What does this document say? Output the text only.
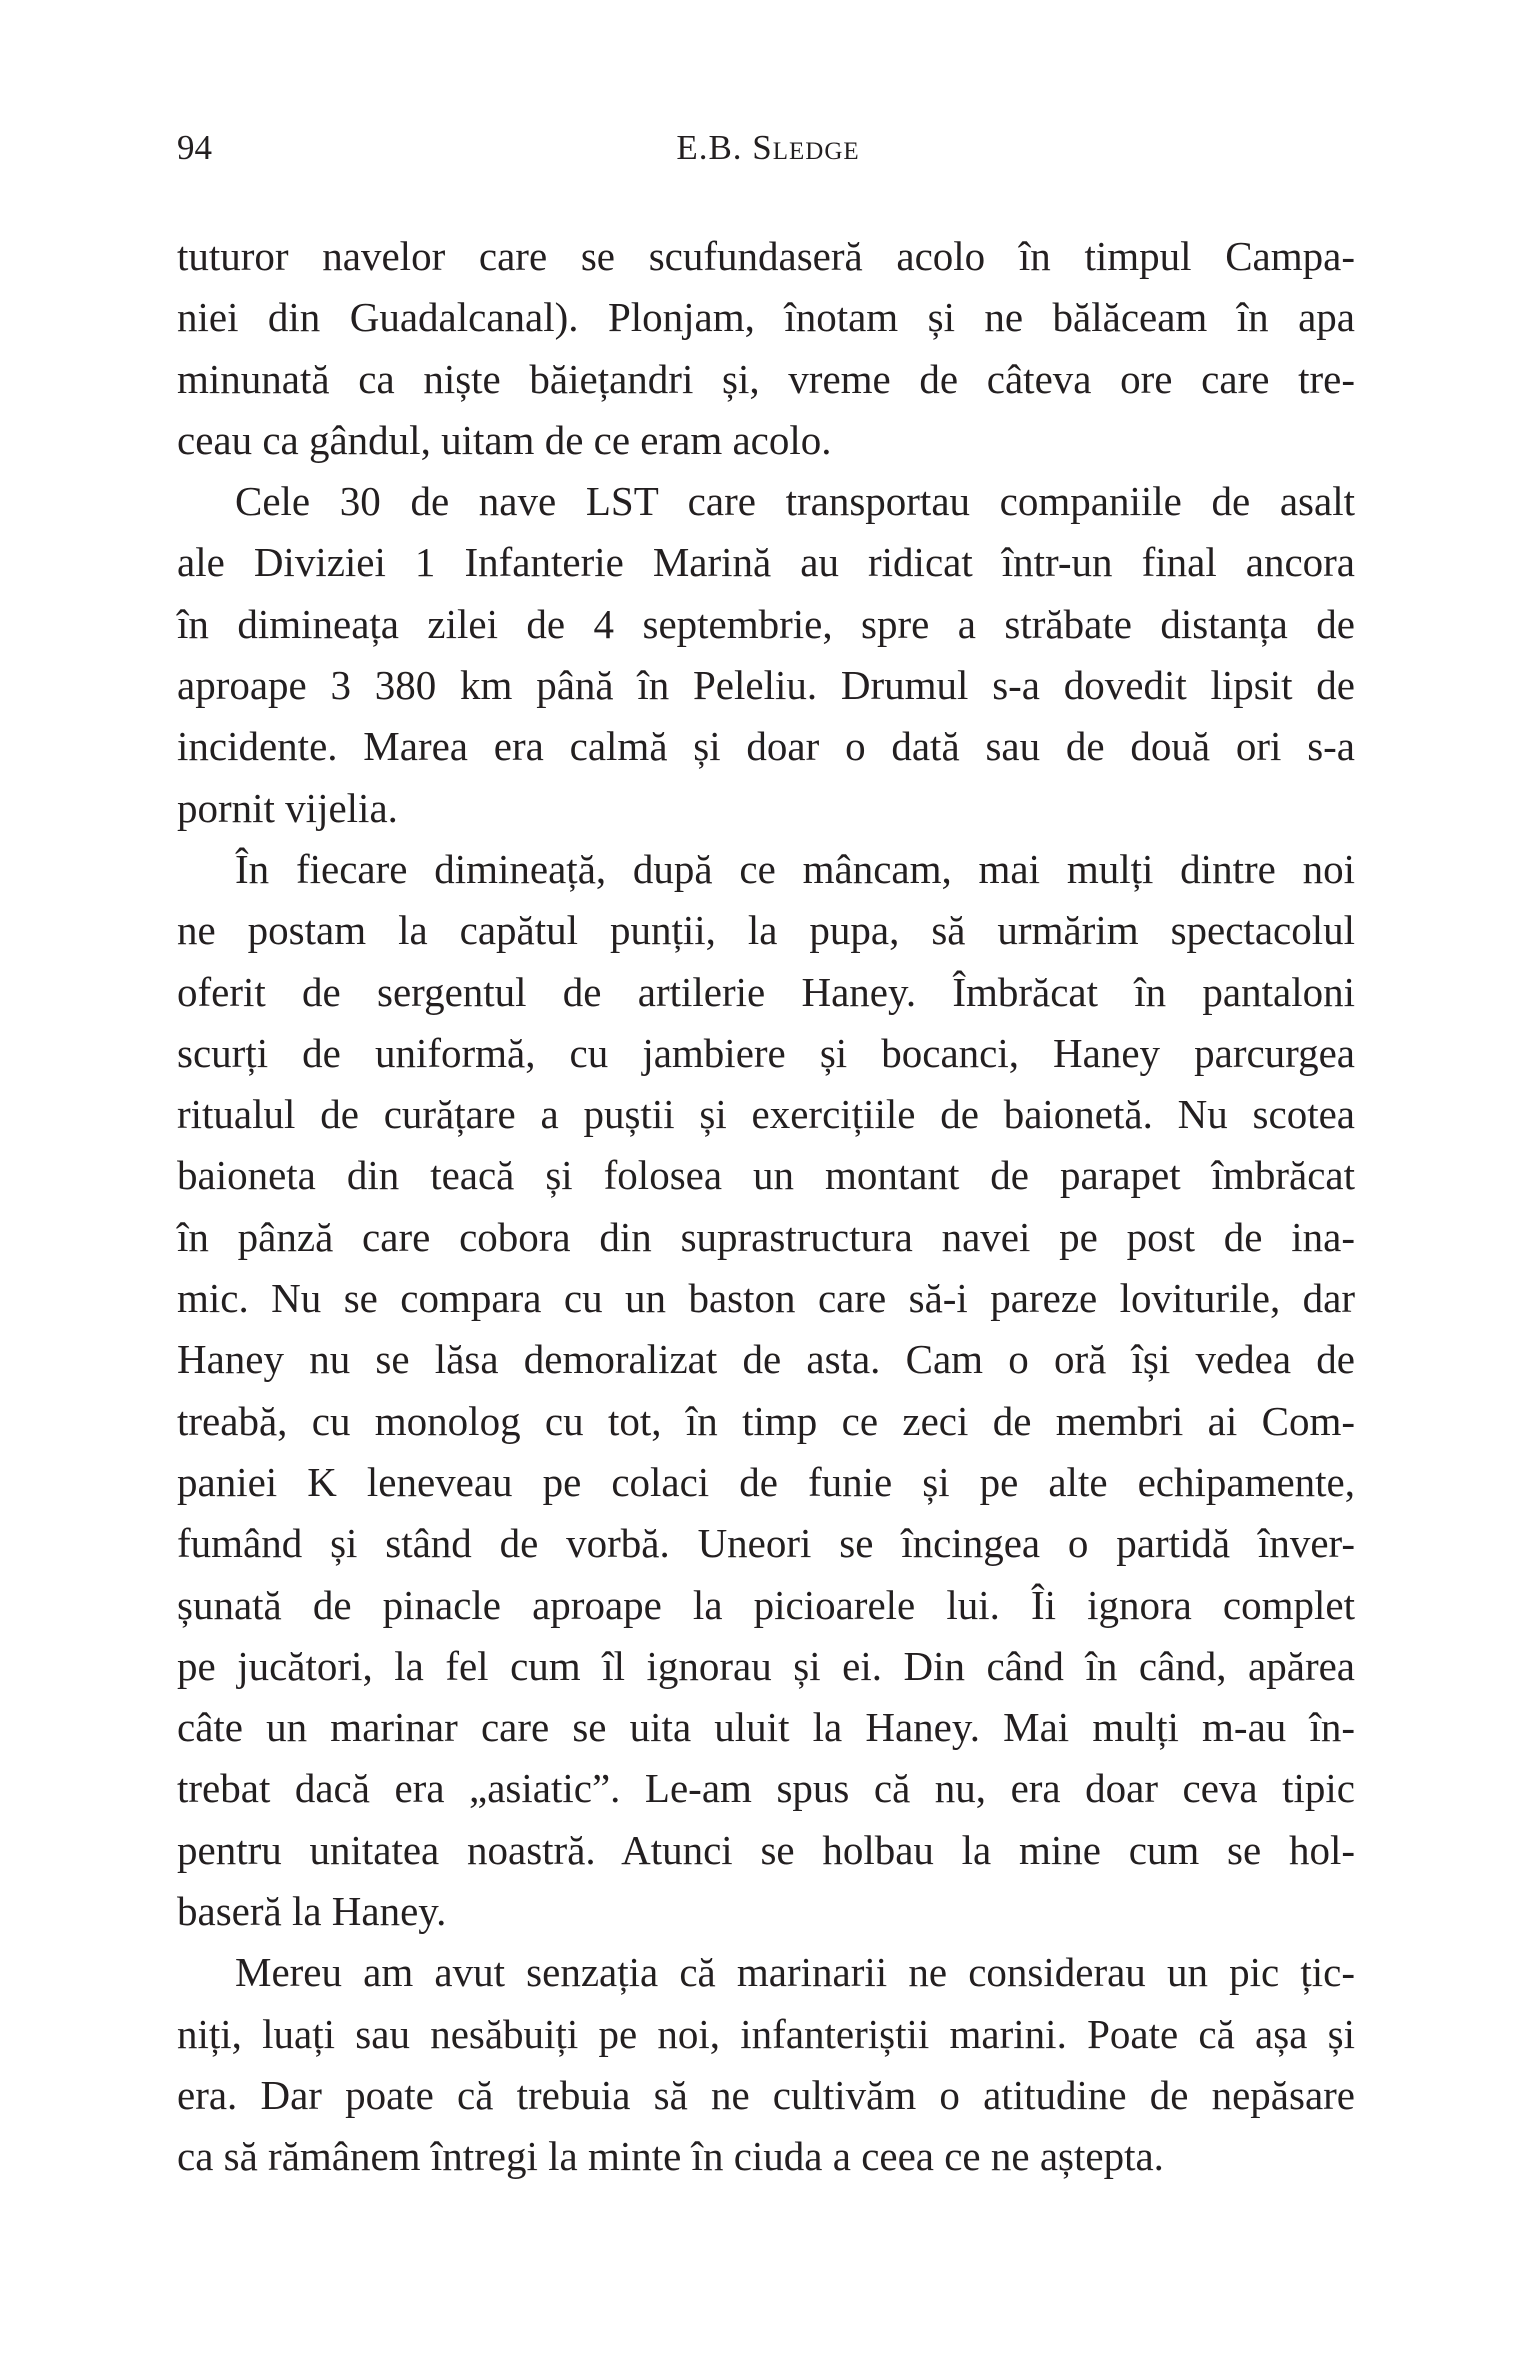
94	E.B. Sledge
tuturor navelor care se scufundaseră acolo în timpul Campa-
niei din Guadalcanal). Plonjam, înotam și ne bălăceam în apa
minunată ca niște băiețandri și, vreme de câteva ore care tre-
ceau ca gândul, uitam de ce eram acolo.
Cele 30 de nave LST care transportau companiile de asalt
ale Diviziei 1 Infanterie Marină au ridicat într-un final ancora
în dimineața zilei de 4 septembrie, spre a străbate distanța de
aproape 3 380 km până în Peleliu. Drumul s-a dovedit lipsit de
incidente. Marea era calmă și doar o dată sau de două ori s-a
pornit vijelia.
În fiecare dimineață, după ce mâncam, mai mulți dintre noi
ne postam la capătul punții, la pupa, să urmărim spectacolul
oferit de sergentul de artilerie Haney. Îmbrăcat în pantaloni
scurți de uniformă, cu jambiere și bocanci, Haney parcurgea
ritualul de curățare a puștii și exercițiile de baionetă. Nu scotea
baioneta din teacă și folosea un montant de parapet îmbrăcat
în pânză care cobora din suprastructura navei pe post de ina-
mic. Nu se compara cu un baston care să-i pareze loviturile, dar
Haney nu se lăsa demoralizat de asta. Cam o oră își vedea de
treabă, cu monolog cu tot, în timp ce zeci de membri ai Com-
paniei K leneveau pe colaci de funie și pe alte echipamente,
fumând și stând de vorbă. Uneori se încingea o partidă înver-
șunată de pinacle aproape la picioarele lui. Îi ignora complet
pe jucători, la fel cum îl ignorau și ei. Din când în când, apărea
câte un marinar care se uita uluit la Haney. Mai mulți m-au în-
trebat dacă era „asiatic”. Le-am spus că nu, era doar ceva tipic
pentru unitatea noastră. Atunci se holbau la mine cum se hol-
baseră la Haney.
Mereu am avut senzația că marinarii ne considerau un pic țic-
niți, luați sau nesăbuiți pe noi, infanteriștii marini. Poate că așa și
era. Dar poate că trebuia să ne cultivăm o atitudine de nepăsare
ca să rămânem întregi la minte în ciuda a ceea ce ne aștepta.
